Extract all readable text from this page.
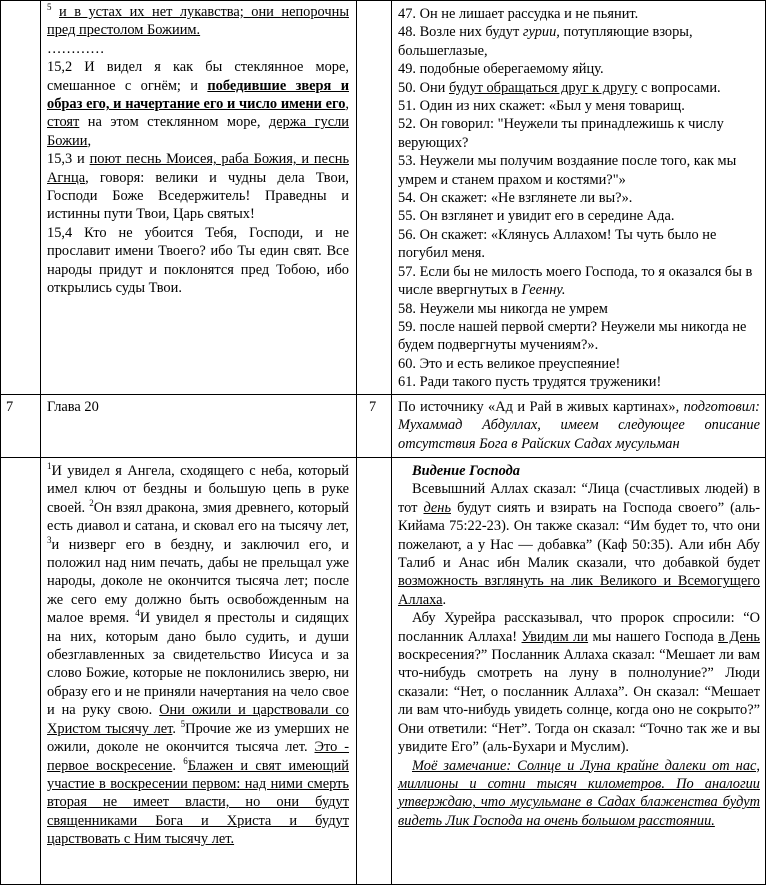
$^5$ и в устах их нет лукавства; они непорочны пред престолом Божиим.

…………

15,2 И видел я как бы стеклянное море, смешанное с огнём; и победившие зверя и образ его, и начертание его и число имени его, стоят на этом стеклянном море, держа гусли Божии,

15,3 и поют песнь Моисея, раба Божия, и песнь Агнца, говоря: велики и чудны дела Твои, Господи Боже Вседержитель! Праведны и истинны пути Твои, Царь святых!

15,4 Кто не убоится Тебя, Господи, и не прославит имени Твоего? ибо Ты един свят. Все народы придут и поклонятся пред Тобою, ибо открылись суды Твои.

47. Он не лишает рассудка и не пьянит.

48. Возле них будут гурии, потупляющие взоры, большеглазые,

49. подобные оберегаемому яйцу.

50. Они будут обращаться друг к другу с вопросами.

51. Один из них скажет: «Был у меня товарищ.

52. Он говорил: "Неужели ты принадлежишь к числу верующих?

53. Неужели мы получим воздаяние после того, как мы умрем и станем прахом и костями?"»

54. Он скажет: «Не взглянете ли вы?».

55. Он взглянет и увидит его в середине Ада.

56. Он скажет: «Клянусь Аллахом! Ты чуть было не погубил меня.

57. Если бы не милость моего Господа, то я оказался бы в числе ввергнутых в Геенну.

58. Неужели мы никогда не умрем

59. после нашей первой смерти? Неужели мы никогда не будем подвергнуты мучениям?».

60. Это и есть великое преуспеяние!

61. Ради такого пусть трудятся труженики!

7 Глава 20	7 По источнику «Ад и Рай в живых картинах», подготовил: Мухаммад Абдуллах, имеем следующее описание отсутствия Бога в Райских Садах мусульман

$^1$И увидел я Ангела, сходящего с неба, который имел ключ от бездны и большую цепь в руке своей. $^2$Он взял дракона, змия древнего, который есть диавол и сатана, и сковал его на тысячу лет, $^3$и низверг его в бездну, и заключил его, и положил над ним печать, дабы не прельщал уже народы, доколе не окончится тысяча лет; после же сего ему должно быть освобожденным на малое время. $^4$И увидел я престолы и сидящих на них, которым дано было судить, и души обезглавленных за свидетельство Иисуса и за слово Божие, которые не поклонились зверю, ни образу его и не приняли начертания на чело свое и на руку свою. Они ожили и царствовали со Христом тысячу лет. $^5$Прочие же из умерших не ожили, доколе не окончится тысяча лет. Это - первое воскресение. $^6$Блажен и свят имеющий участие в воскресении первом: над ними смерть вторая не имеет власти, но они будут священниками Бога и Христа и будут царствовать с Ним тысячу лет.

Видение Господа

Всевышний Аллах сказал: “Лица (счастливых людей) в тот день будут сиять и взирать на Господа своего” (аль-Кийама 75:22-23). Он также сказал: “Им будет то, что они пожелают, а у Нас — добавка” (Каф 50:35). Али ибн Абу Талиб и Анас ибн Малик сказали, что добавкой будет возможность взглянуть на лик Великого и Всемогущего Аллаха.

Абу Хурейра рассказывал, что пророк спросили: “О посланник Аллаха! Увидим ли мы нашего Господа в День воскресения?” Посланник Аллаха сказал: “Мешает ли вам что-нибудь смотреть на луну в полнолуние?” Люди сказали: “Нет, о посланник Аллаха”. Он сказал: “Мешает ли вам что-нибудь увидеть солнце, когда оно не сокрыто?” Они ответили: “Нет”. Тогда он сказал: “Точно так же и вы увидите Его” (аль-Бухари и Муслим).

Моё замечание: Солнце и Луна крайне далеки от нас, миллионы и сотни тысяч километров. По аналогии утверждаю, что мусульмане в Садах блаженства будут видеть Лик Господа на очень большом расстоянии.
